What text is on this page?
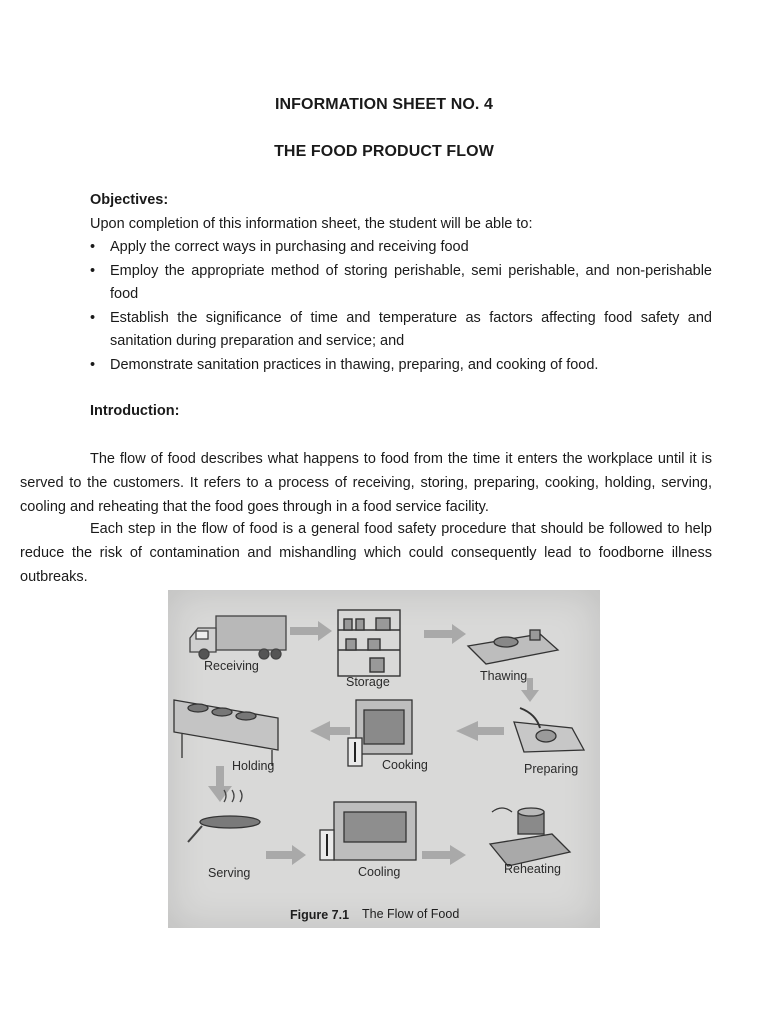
INFORMATION SHEET NO. 4
THE FOOD PRODUCT FLOW
Objectives:
Upon completion of this information sheet, the student will be able to:
• Apply the correct ways in purchasing and receiving food
• Employ the appropriate method of storing perishable, semi perishable, and non-perishable food
• Establish the significance of time and temperature as factors affecting food safety and sanitation during preparation and service; and
• Demonstrate sanitation practices in thawing, preparing, and cooking of food.
Introduction:

The flow of food describes what happens to food from the time it enters the workplace until it is served to the customers. It refers to a process of receiving, storing, preparing, cooking, holding, serving, cooling and reheating that the food goes through in a food service facility.

Each step in the flow of food is a general food safety procedure that should be followed to help reduce the risk of contamination and mishandling which could consequently lead to foodborne illness outbreaks.

Receiving
Storage	Thawing
Holding	Cooking	Preparing
Serving	Cooling	Reheating
Figure 7.1 The Flow of Food
